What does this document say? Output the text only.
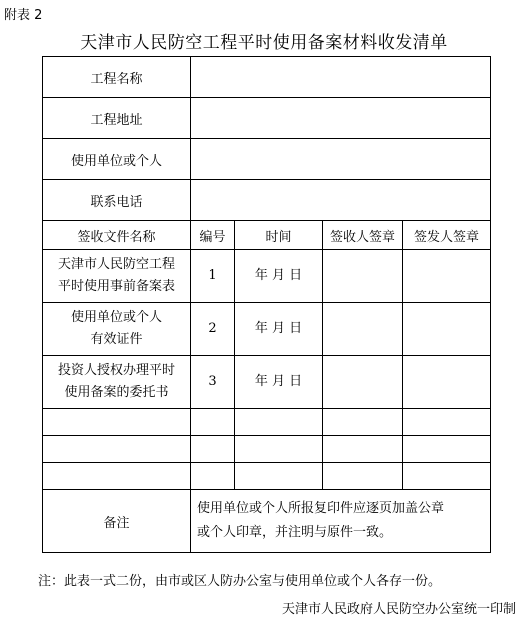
附表 2
天津市人民防空工程平时使用备案材料收发清单
工程名称				
工程地址				
使用单位或个人				
联系电话				
签收文件名称	编号	时间	签收人签章	签发人签章

天津市人民防空工程
平时使用事前备案表	1	年 月 日		

使用单位或个人
有效证件	2	年 月 日		

投资人授权办理平时
使用备案的委托书	3	年 月 日		

备注	使用单位或个人所报复印件应逐页加盖公章
或个人印章，并注明与原件一致。			
注：此表一式二份，由市或区人防办公室与使用单位或个人各存一份。
天津市人民政府人民防空办公室统一印制
